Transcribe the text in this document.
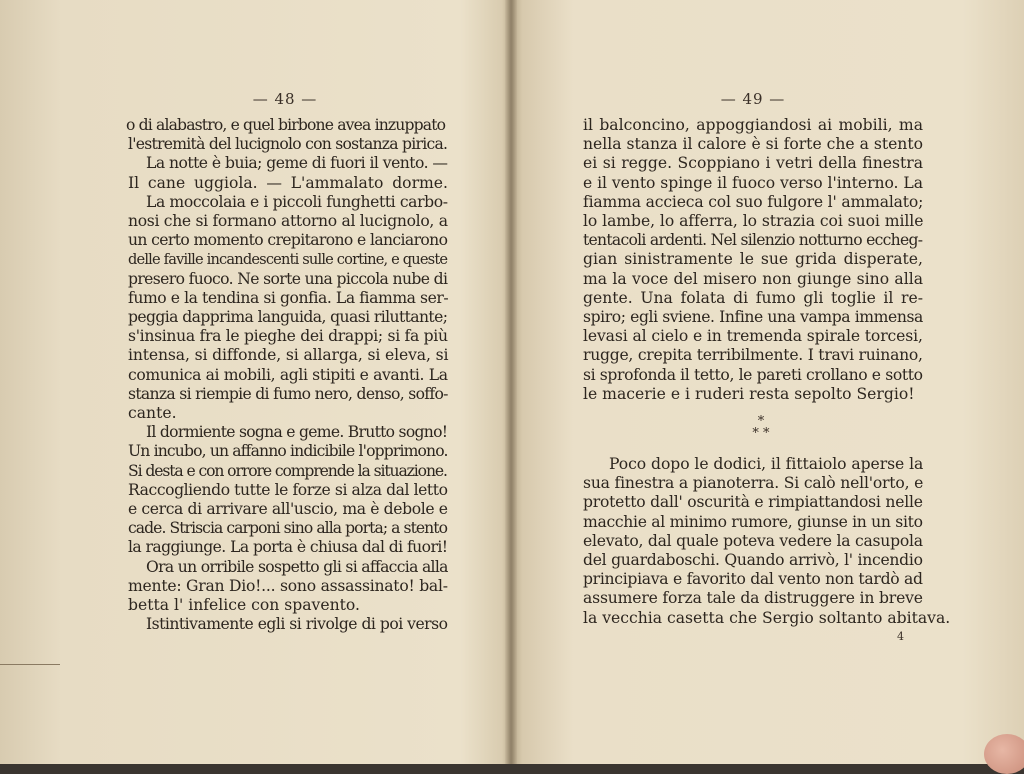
— 48 —
o di alabastro, e quel birbone avea inzuppato
l'estremità del lucignolo con sostanza pirica.
La notte è buia; geme di fuori il vento. —
Il cane uggiola. — L'ammalato dorme.
La moccolaia e i piccoli funghetti carbo-
nosi che si formano attorno al lucignolo, a
un certo momento crepitarono e lanciarono
delle faville incandescenti sulle cortine, e queste
presero fuoco. Ne sorte una piccola nube di
fumo e la tendina si gonfia. La fiamma ser-
peggia dapprima languida, quasi riluttante;
s'insinua fra le pieghe dei drappi; si fa più
intensa, si diffonde, si allarga, si eleva, si
comunica ai mobili, agli stipiti e avanti. La
stanza si riempie di fumo nero, denso, soffo-
cante.
Il dormiente sogna e geme. Brutto sogno!
Un incubo, un affanno indicibile l'opprimono.
Si desta e con orrore comprende la situazione.
Raccogliendo tutte le forze si alza dal letto
e cerca di arrivare all'uscio, ma è debole e
cade. Striscia carponi sino alla porta; a stento
la raggiunge. La porta è chiusa dal di fuori!
Ora un orribile sospetto gli si affaccia alla
mente: Gran Dio!... sono assassinato! bal-
betta l' infelice con spavento.
Istintivamente egli si rivolge di poi verso
— 49 —
il balconcino, appoggiandosi ai mobili, ma
nella stanza il calore è si forte che a stento
ei si regge. Scoppiano i vetri della finestra
e il vento spinge il fuoco verso l'interno. La
fiamma accieca col suo fulgore l' ammalato;
lo lambe, lo afferra, lo strazia coi suoi mille
tentacoli ardenti. Nel silenzio notturno eccheg-
gian sinistramente le sue grida disperate,
ma la voce del misero non giunge sino alla
gente. Una folata di fumo gli toglie il re-
spiro; egli sviene. Infine una vampa immensa
levasi al cielo e in tremenda spirale torcesi,
rugge, crepita terribilmente. I travi ruinano,
si sprofonda il tetto, le pareti crollano e sotto
le macerie e i ruderi resta sepolto Sergio!
*
* *
Poco dopo le dodici, il fittaiolo aperse la
sua finestra a pianoterra. Si calò nell'orto, e
protetto dall' oscurità e rimpiattandosi nelle
macchie al minimo rumore, giunse in un sito
elevato, dal quale poteva vedere la casupola
del guardaboschi. Quando arrivò, l' incendio
principiava e favorito dal vento non tardò ad
assumere forza tale da distruggere in breve
la vecchia casetta che Sergio soltanto abitava.
4
